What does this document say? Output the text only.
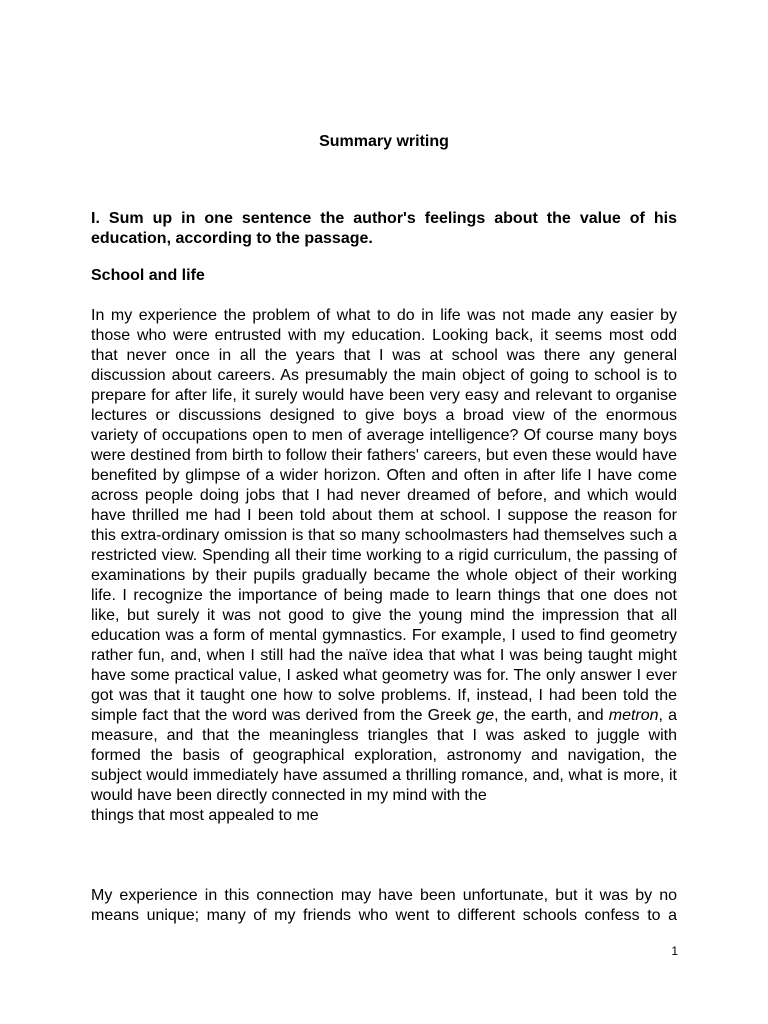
Summary writing

I. Sum up in one sentence the author's feelings about the value of his education, according to the passage.

School and life

In my experience the problem of what to do in life was not made any easier by those who were entrusted with my education. Looking back, it seems most odd that never once in all the years that I was at school was there any general discussion about careers. As presumably the main object of going to school is to prepare for after life, it surely would have been very easy and relevant to organise lectures or discussions designed to give boys a broad view of the enormous variety of occupations open to men of average intelligence? Of course many boys were destined from birth to follow their fathers' careers, but even these would have benefited by glimpse of a wider horizon. Often and often in after life I have come across people doing jobs that I had never dreamed of before, and which would have thrilled me had I been told about them at school. I suppose the reason for this extra-ordinary omission is that so many schoolmasters had themselves such a restricted view. Spending all their time working to a rigid curriculum, the passing of examinations by their pupils gradually became the whole object of their working life. I recognize the importance of being made to learn things that one does not like, but surely it was not good to give the young mind the impression that all education was a form of mental gymnastics. For example, I used to find geometry rather fun, and, when I still had the naïve idea that what I was being taught might have some practical value, I asked what geometry was for. The only answer I ever got was that it taught one how to solve problems. If, instead, I had been told the simple fact that the word was derived from the Greek ge, the earth, and metron, a measure, and that the meaningless triangles that I was asked to juggle with formed the basis of geographical exploration, astronomy and navigation, the subject would immediately have assumed a thrilling romance, and, what is more, it would have been directly connected in my mind with the
things that most appealed to me

My experience in this connection may have been unfortunate, but it was by no means unique; many of my friends who went to different schools confess to a

1
